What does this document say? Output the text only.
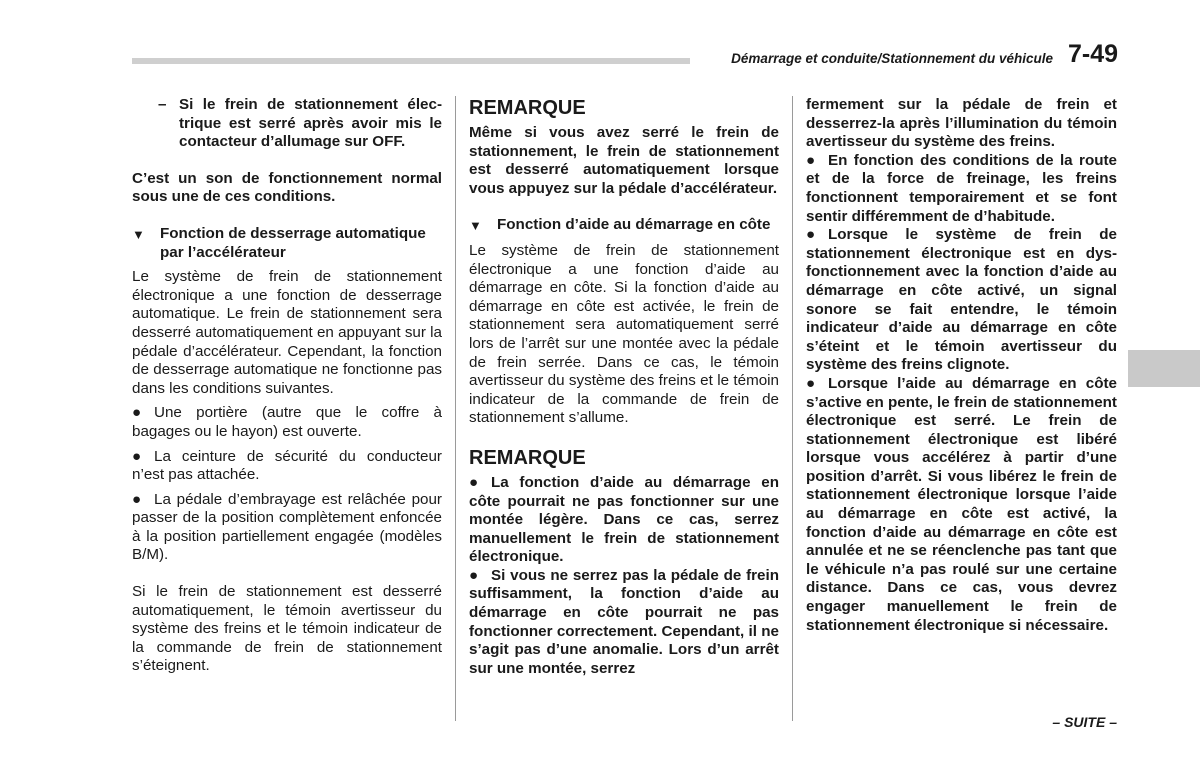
Démarrage et conduite/Stationnement du véhicule 7-49

– Si le frein de stationnement électrique est serré après avoir mis le contacteur d’allumage sur OFF.

C’est un son de fonctionnement normal sous une de ces conditions.

▼ Fonction de desserrage automatique par l’accélérateur

Le système de frein de stationnement électronique a une fonction de desserrage automatique. Le frein de stationnement sera desserré automatiquement en appuyant sur la pédale d’accélérateur. Cependant, la fonction de desserrage automatique ne fonctionne pas dans les conditions suivantes.

● Une portière (autre que le coffre à bagages ou le hayon) est ouverte.

● La ceinture de sécurité du conducteur n’est pas attachée.

● La pédale d’embrayage est relâchée pour passer de la position complètement enfoncée à la position partiellement engagée (modèles B/M).

Si le frein de stationnement est desserré automatiquement, le témoin avertisseur du système des freins et le témoin indicateur de la commande de frein de stationnement s’éteignent.

REMARQUE

Même si vous avez serré le frein de stationnement, le frein de stationnement est desserré automatiquement lorsque vous appuyez sur la pédale d’accélérateur.

▼ Fonction d’aide au démarrage en côte

Le système de frein de stationnement électronique a une fonction d’aide au démarrage en côte. Si la fonction d’aide au démarrage en côte est activée, le frein de stationnement sera automatiquement serré lors de l’arrêt sur une montée avec la pédale de frein serrée. Dans ce cas, le témoin avertisseur du système des freins et le témoin indicateur de la commande de frein de stationnement s’allume.

REMARQUE

● La fonction d’aide au démarrage en côte pourrait ne pas fonctionner sur une montée légère. Dans ce cas, serrez manuellement le frein de stationnement électronique.

● Si vous ne serrez pas la pédale de frein suffisamment, la fonction d’aide au démarrage en côte pourrait ne pas fonctionner correctement. Cependant, il ne s’agit pas d’une anomalie. Lors d’un arrêt sur une montée, serrez

fermement sur la pédale de frein et desserrez-la après l’illumination du témoin avertisseur du système des freins.

● En fonction des conditions de la route et de la force de freinage, les freins fonctionnent temporairement et se font sentir différemment de d’habitude.

● Lorsque le système de frein de stationnement électronique est en dysfonctionnement avec la fonction d’aide au démarrage en côte activé, un signal sonore se fait entendre, le témoin indicateur d’aide au démarrage en côte s’éteint et le témoin avertisseur du système des freins clignote.

● Lorsque l’aide au démarrage en côte s’active en pente, le frein de stationnement électronique est serré. Le frein de stationnement électronique est libéré lorsque vous accélérez à partir d’une position d’arrêt. Si vous libérez le frein de stationnement électronique lorsque l’aide au démarrage en côte est activé, la fonction d’aide au démarrage en côte est annulée et ne se réenclenche pas tant que le véhicule n’a pas roulé sur une certaine distance. Dans ce cas, vous devrez engager manuellement le frein de stationnement électronique si nécessaire.

– SUITE –
